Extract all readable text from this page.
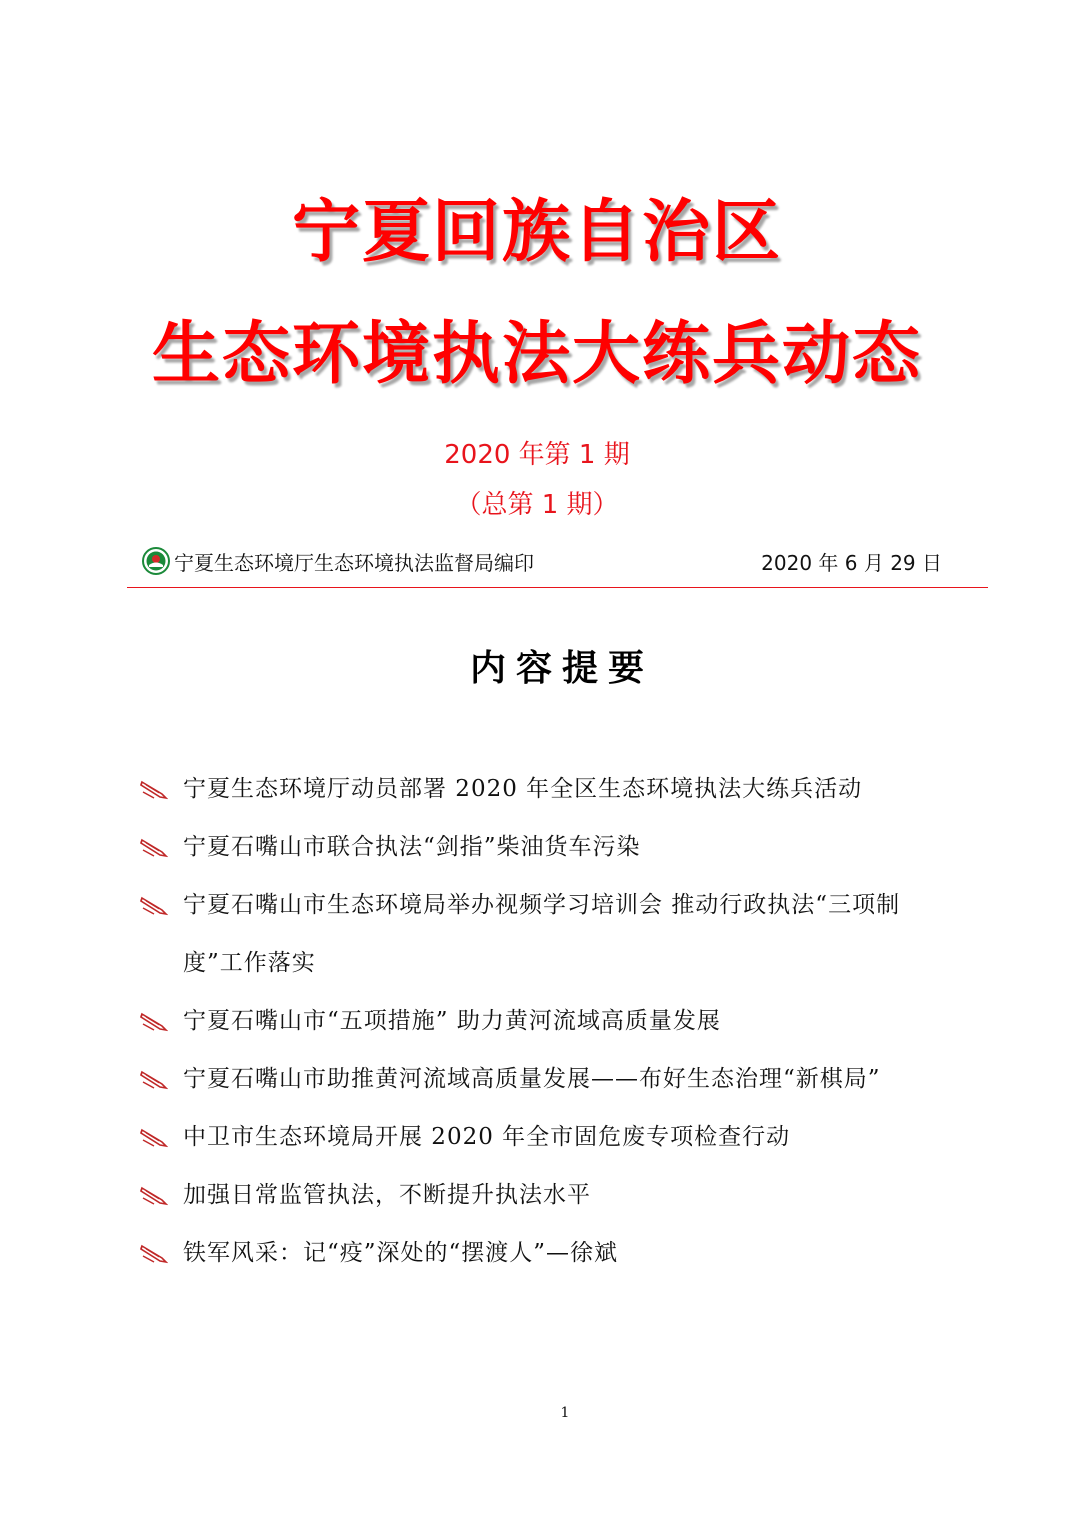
宁夏回族自治区
生态环境执法大练兵动态

2020 年第 1 期

（总第 1 期）

宁夏生态环境厅生态环境执法监督局编印	2020 年 6 月 29 日
内容提要
宁夏生态环境厅动员部署 2020 年全区生态环境执法大练兵活动
宁夏石嘴山市联合执法“剑指”柴油货车污染
宁夏石嘴山市生态环境局举办视频学习培训会 推动行政执法“三项制度”工作落实
宁夏石嘴山市“五项措施” 助力黄河流域高质量发展
宁夏石嘴山市助推黄河流域高质量发展——布好生态治理“新棋局”
中卫市生态环境局开展 2020 年全市固危废专项检查行动
加强日常监管执法，不断提升执法水平
铁军风采：记“疫”深处的“摆渡人”—徐斌
1
